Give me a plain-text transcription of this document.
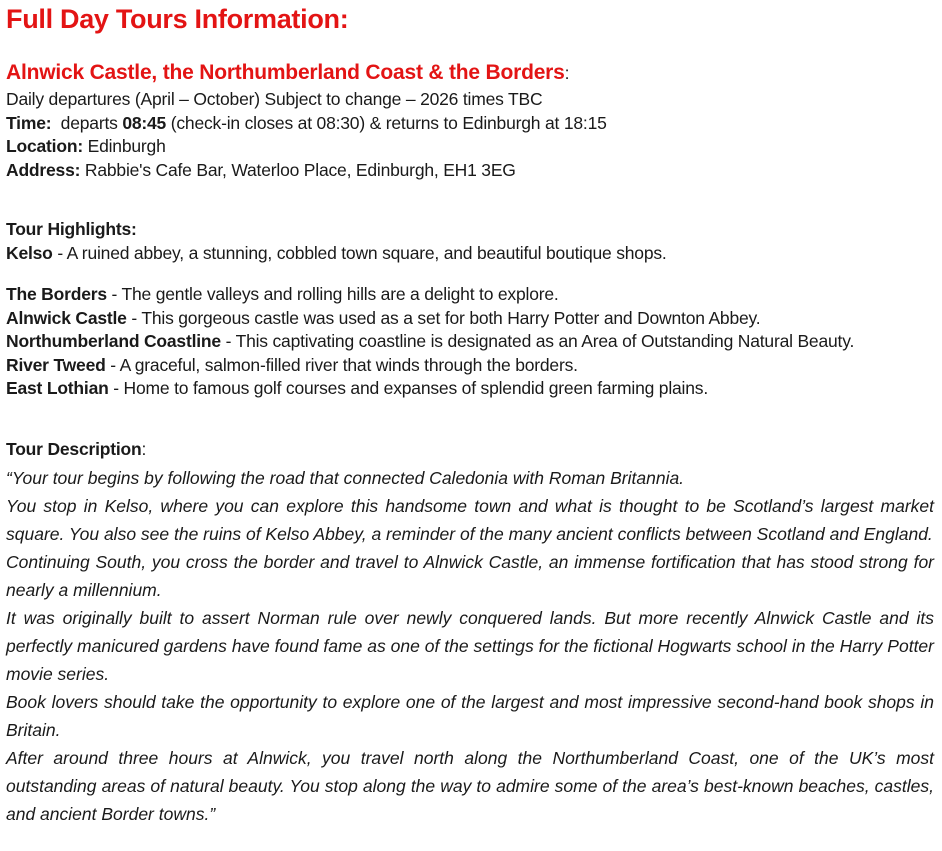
Full Day Tours Information:
Alnwick Castle, the Northumberland Coast & the Borders:

Daily departures (April – October) Subject to change – 2026 times TBC

Time:  departs 08:45 (check-in closes at 08:30) & returns to Edinburgh at 18:15

Location: Edinburgh

Address: Rabbie's Cafe Bar, Waterloo Place, Edinburgh, EH1 3EG

Tour Highlights:

Kelso - A ruined abbey, a stunning, cobbled town square, and beautiful boutique shops.

The Borders - The gentle valleys and rolling hills are a delight to explore.

Alnwick Castle - This gorgeous castle was used as a set for both Harry Potter and Downton Abbey.

Northumberland Coastline - This captivating coastline is designated as an Area of Outstanding Natural Beauty.

River Tweed - A graceful, salmon-filled river that winds through the borders.

East Lothian - Home to famous golf courses and expanses of splendid green farming plains.

Tour Description:

“Your tour begins by following the road that connected Caledonia with Roman Britannia.

You stop in Kelso, where you can explore this handsome town and what is thought to be Scotland’s largest market square. You also see the ruins of Kelso Abbey, a reminder of the many ancient conflicts between Scotland and England.

Continuing South, you cross the border and travel to Alnwick Castle, an immense fortification that has stood strong for nearly a millennium.

It was originally built to assert Norman rule over newly conquered lands. But more recently Alnwick Castle and its perfectly manicured gardens have found fame as one of the settings for the fictional Hogwarts school in the Harry Potter movie series.

Book lovers should take the opportunity to explore one of the largest and most impressive second-hand book shops in Britain.

After around three hours at Alnwick, you travel north along the Northumberland Coast, one of the UK’s most outstanding areas of natural beauty. You stop along the way to admire some of the area’s best-known beaches, castles, and ancient Border towns.”
